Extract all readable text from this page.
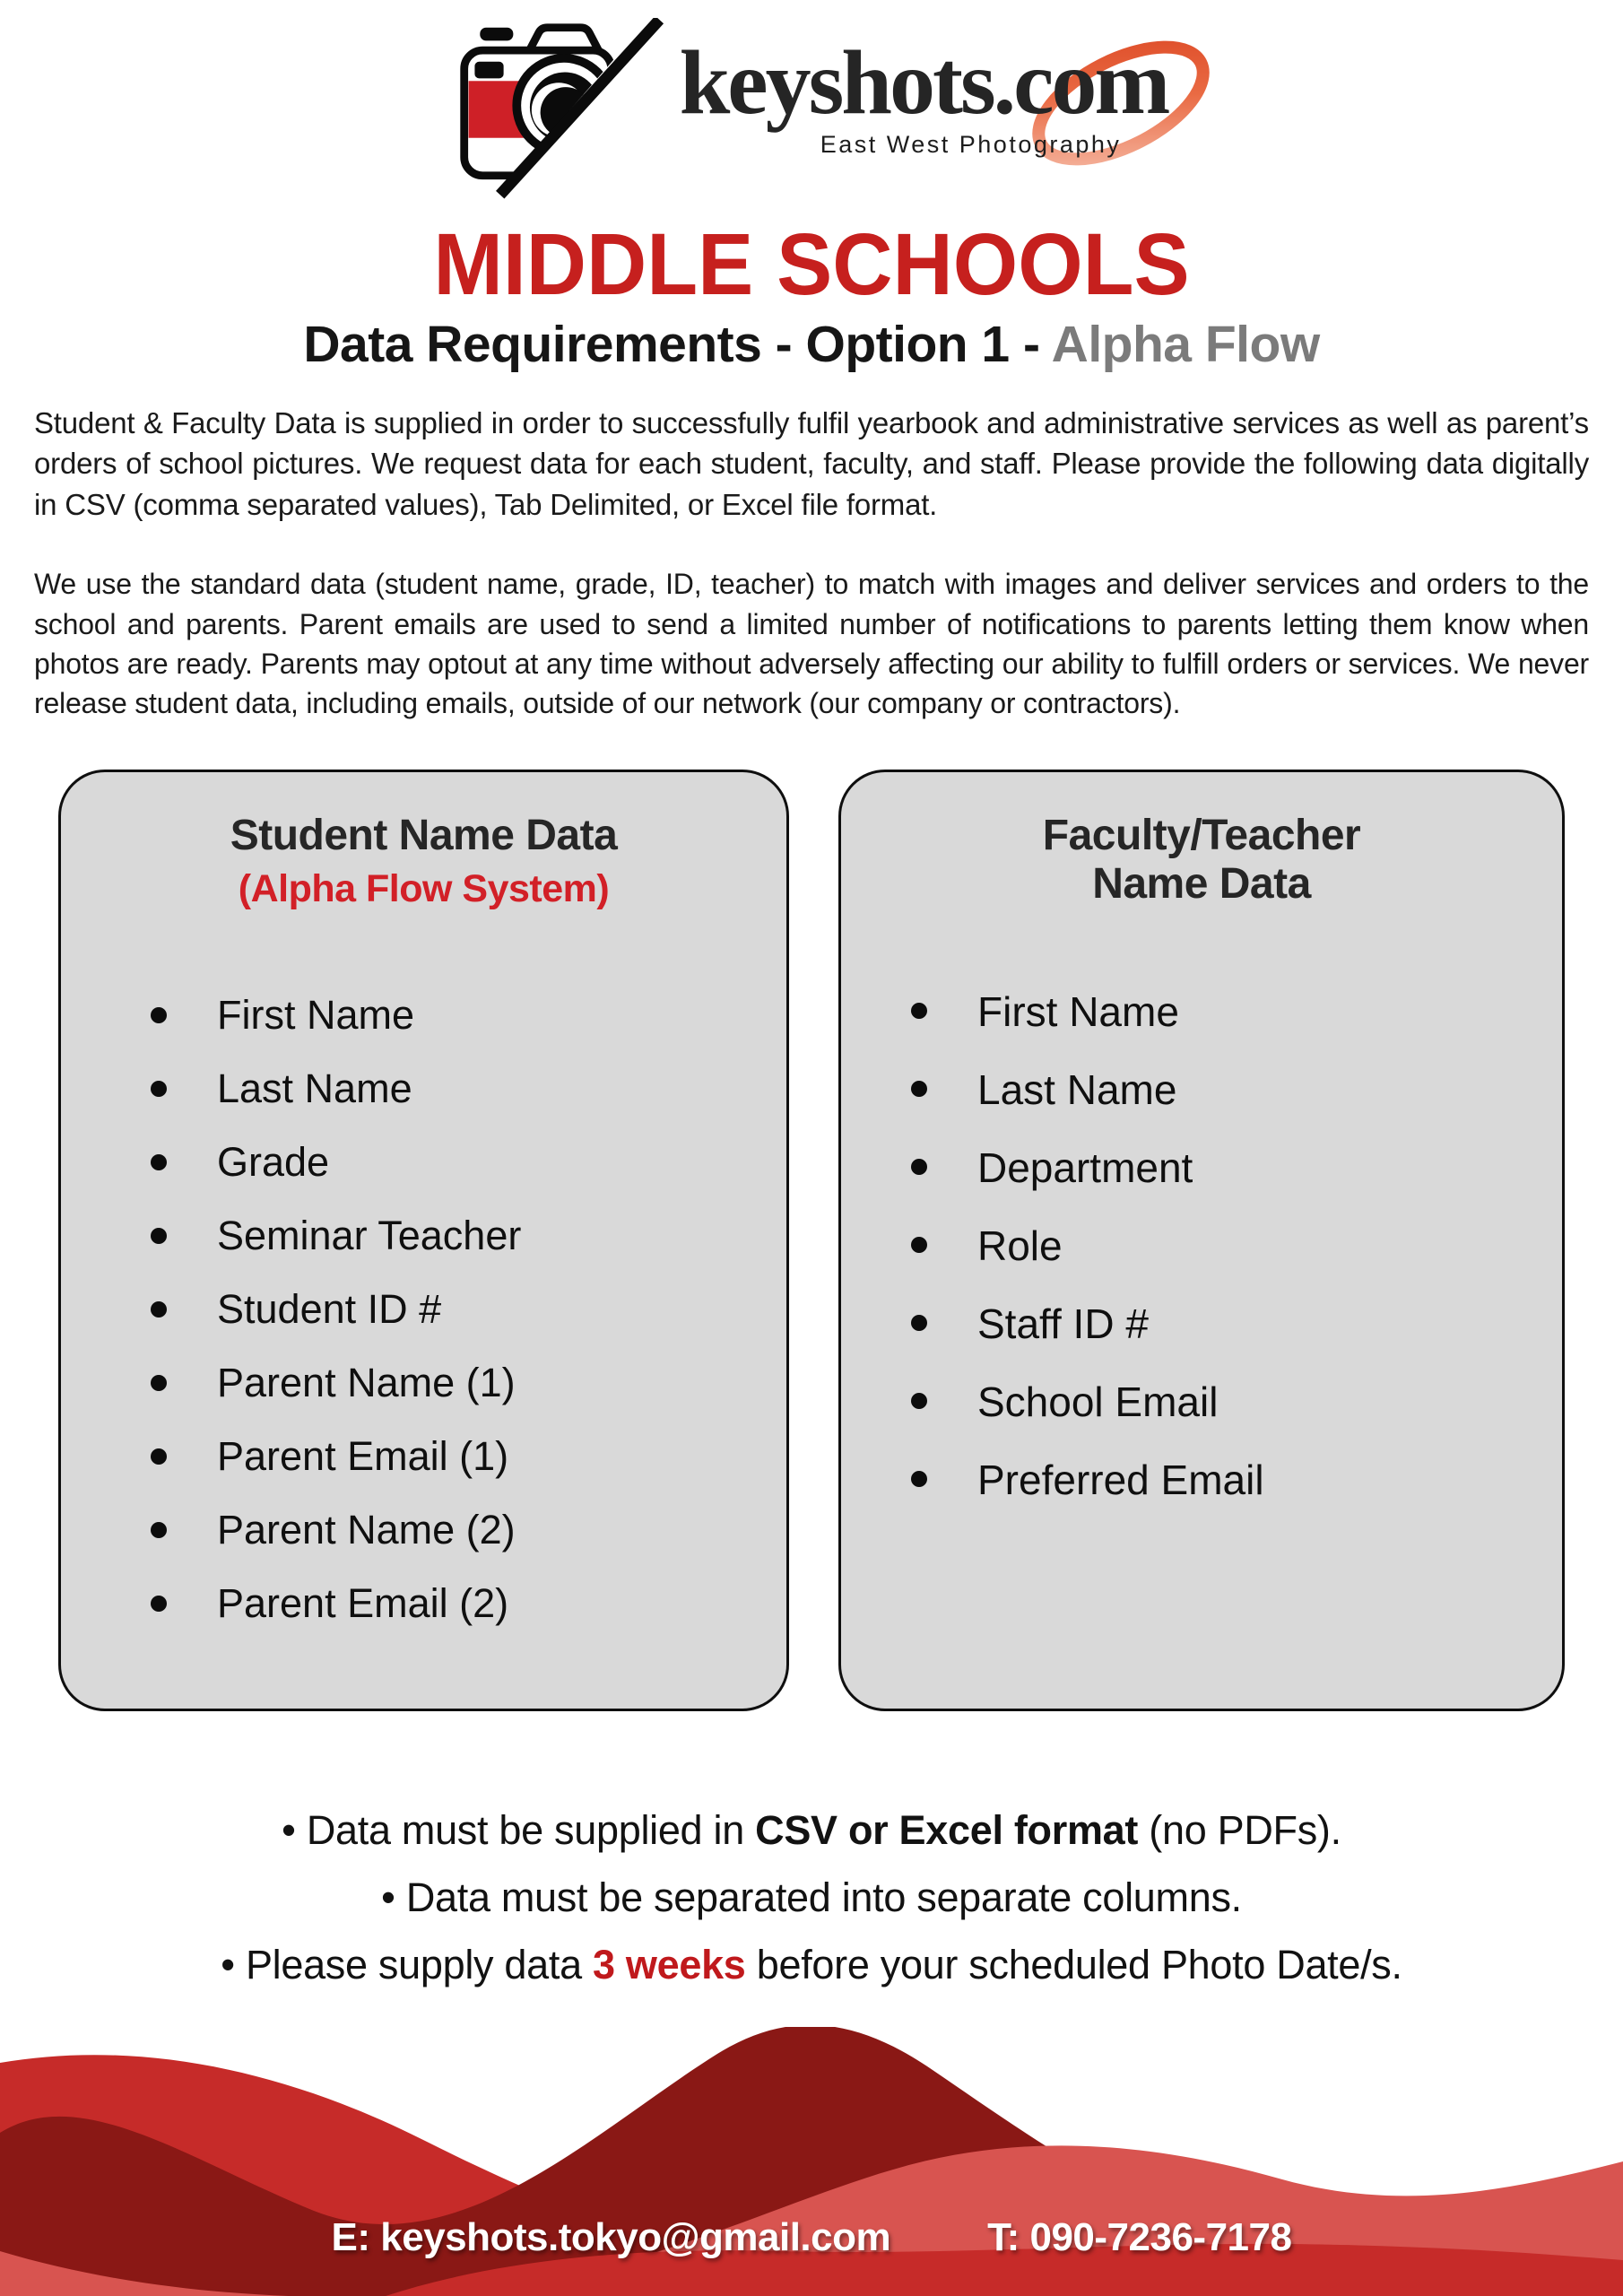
keyshots.com
East West Photography
MIDDLE SCHOOLS
Data Requirements - Option 1 - Alpha Flow

Student & Faculty Data is supplied in order to successfully fulfil yearbook and administrative services as well as parent’s orders of school pictures. We request data for each student, faculty, and staff. Please provide the following data digitally in CSV (comma separated values), Tab Delimited, or Excel file format.

We use the standard data (student name, grade, ID, teacher) to match with images and deliver services and orders to the school and parents. Parent emails are used to send a limited number of notifications to parents letting them know when photos are ready. Parents may optout at any time without adversely affecting our ability to fulfill orders or services. We never release student data, including emails, outside of our network (our company or contractors).

Student Name Data
(Alpha Flow System)
First Name
Last Name
Grade
Seminar Teacher
Student ID #
Parent Name (1)
Parent Email (1)
Parent Name (2)
Parent Email (2)
Faculty/Teacher
Name Data
First Name
Last Name
Department
Role
Staff ID #
School Email
Preferred Email

• Data must be supplied in CSV or Excel format (no PDFs).

• Data must be separated into separate columns.

• Please supply data 3 weeks before your scheduled Photo Date/s.

E: keyshots.tokyo@gmail.com T: 090-7236-7178
